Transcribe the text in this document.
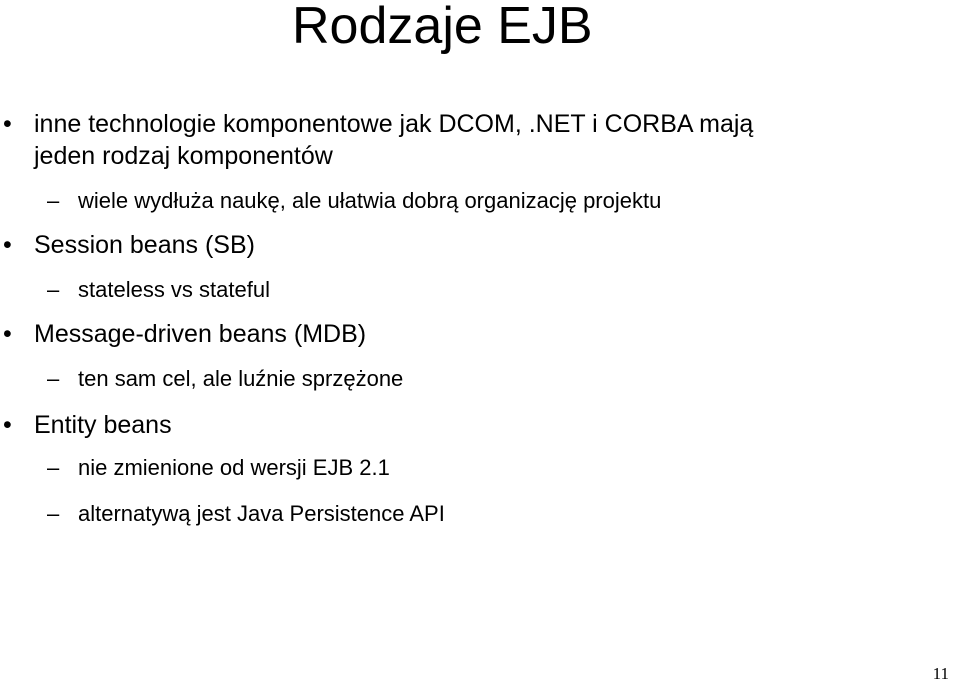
Rodzaje EJB
• inne technologie komponentowe jak DCOM, .NET i CORBA mają
jeden rodzaj komponentów
– wiele wydłuża naukę, ale ułatwia dobrą organizację projektu
• Session beans (SB)
– stateless vs stateful
• Message-driven beans (MDB)
– ten sam cel, ale luźnie sprzężone
• Entity beans
– nie zmienione od wersji EJB 2.1
– alternatywą jest Java Persistence API
11
